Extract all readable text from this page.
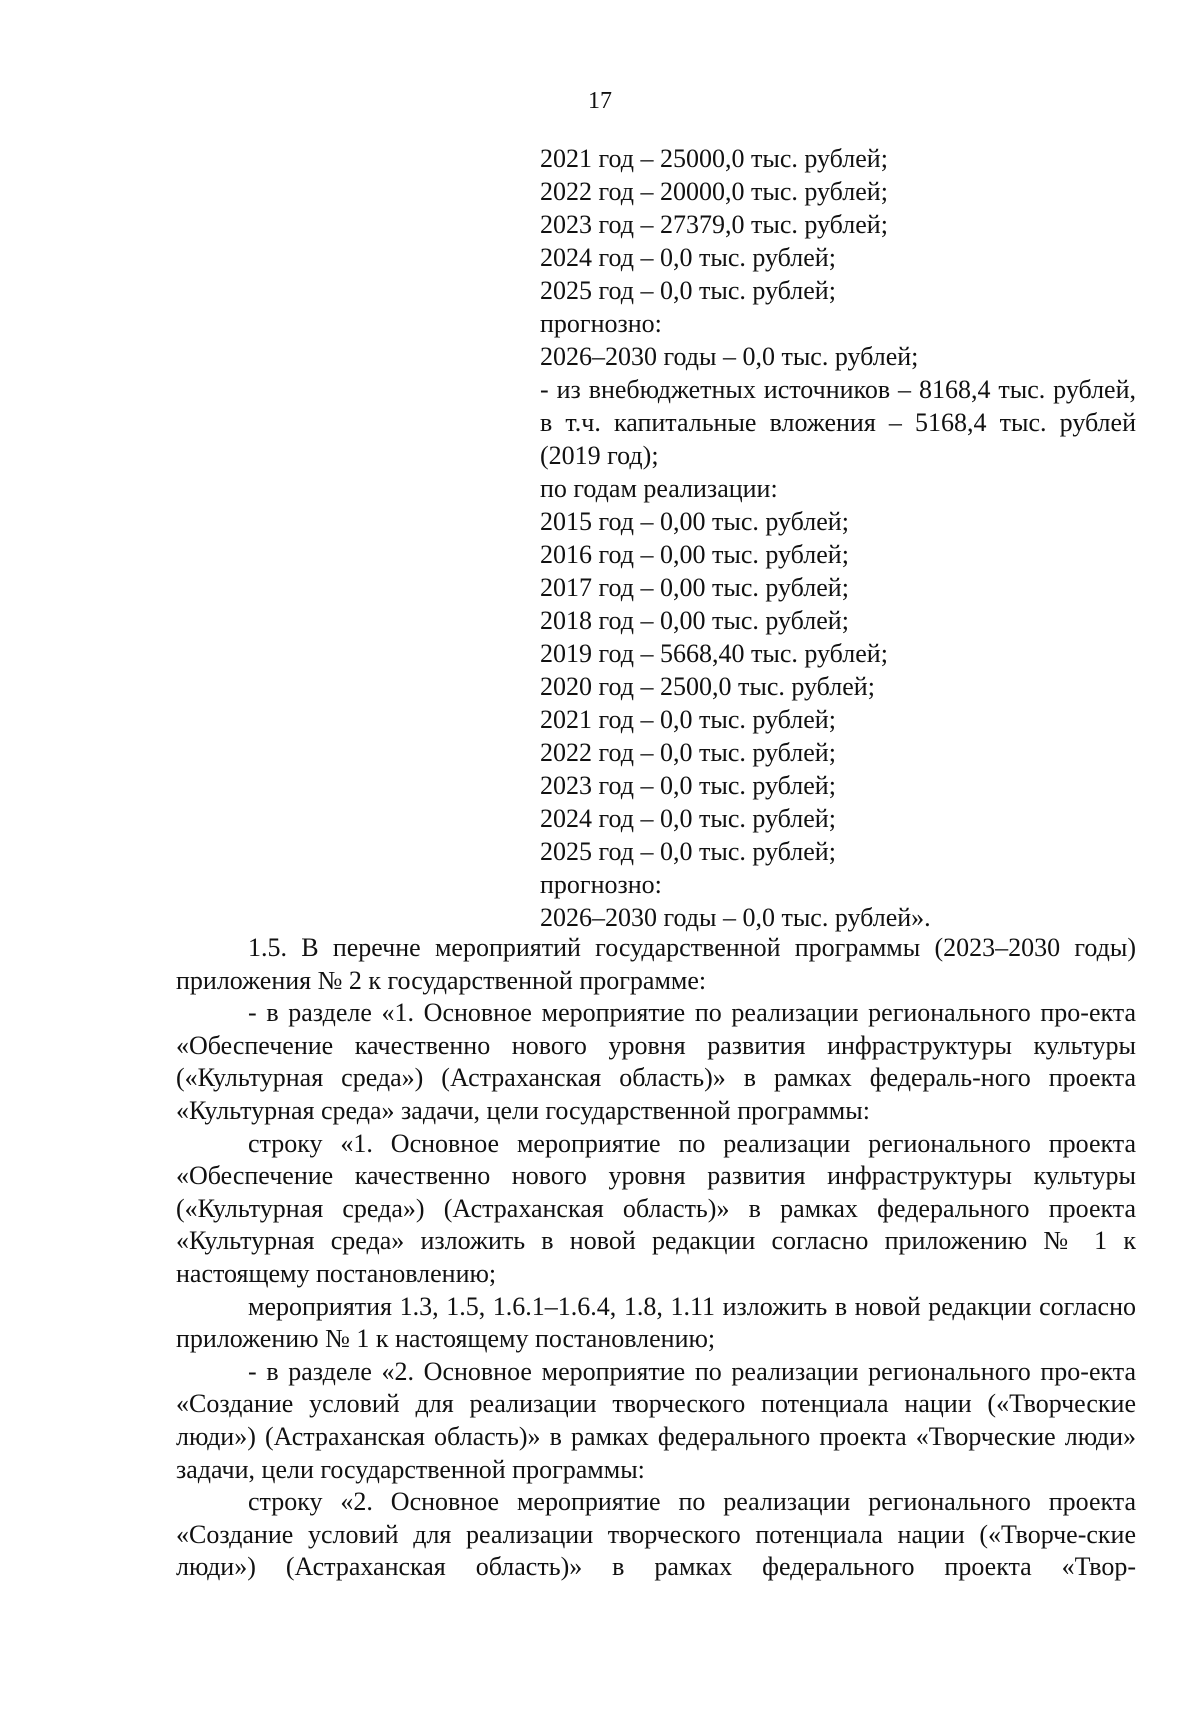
17
2021 год – 25000,0 тыс. рублей;
2022 год – 20000,0 тыс. рублей;
2023 год – 27379,0 тыс. рублей;
2024 год – 0,0 тыс. рублей;
2025 год – 0,0 тыс. рублей;
прогнозно:
2026–2030 годы – 0,0 тыс. рублей;
- из внебюджетных источников – 8168,4 тыс. рублей, в т.ч. капитальные вложения – 5168,4 тыс. рублей (2019 год);
по годам реализации:
2015 год – 0,00 тыс. рублей;
2016 год – 0,00 тыс. рублей;
2017 год – 0,00 тыс. рублей;
2018 год – 0,00 тыс. рублей;
2019 год – 5668,40 тыс. рублей;
2020 год – 2500,0 тыс. рублей;
2021 год – 0,0 тыс. рублей;
2022 год – 0,0 тыс. рублей;
2023 год – 0,0 тыс. рублей;
2024 год – 0,0 тыс. рублей;
2025 год – 0,0 тыс. рублей;
прогнозно:
2026–2030 годы – 0,0 тыс. рублей».

1.5. В перечне мероприятий государственной программы (2023–2030 годы) приложения № 2 к государственной программе:

- в разделе «1. Основное мероприятие по реализации регионального про-екта «Обеспечение качественно нового уровня развития инфраструктуры культуры («Культурная среда») (Астраханская область)» в рамках федераль-ного проекта «Культурная среда» задачи, цели государственной программы:

строку «1. Основное мероприятие по реализации регионального проекта «Обеспечение качественно нового уровня развития инфраструктуры культуры («Культурная среда») (Астраханская область)» в рамках федерального проекта «Культурная среда» изложить в новой редакции согласно приложению № 1 к настоящему постановлению;

мероприятия 1.3, 1.5, 1.6.1–1.6.4, 1.8, 1.11 изложить в новой редакции согласно приложению № 1 к настоящему постановлению;

- в разделе «2. Основное мероприятие по реализации регионального про-екта «Создание условий для реализации творческого потенциала нации («Творческие люди») (Астраханская область)» в рамках федерального проекта «Творческие люди» задачи, цели государственной программы:

строку «2. Основное мероприятие по реализации регионального проекта «Создание условий для реализации творческого потенциала нации («Творче-ские люди») (Астраханская область)» в рамках федерального проекта «Твор-
